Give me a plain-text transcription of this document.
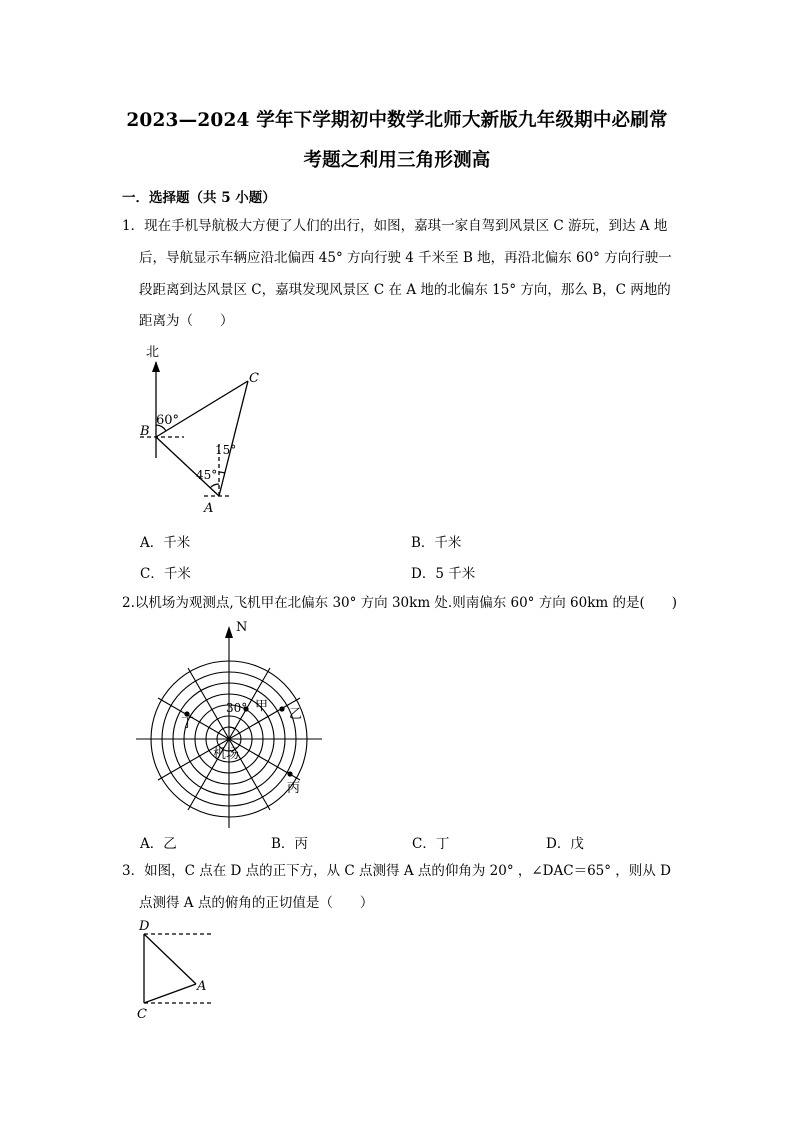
2023—2024 学年下学期初中数学北师大新版九年级期中必刷常
考题之利用三角形测高
一．选择题（共 5 小题）
1．现在手机导航极大方便了人们的出行，如图，嘉琪一家自驾到风景区 C 游玩，到达 A 地
后，导航显示车辆应沿北偏西 45° 方向行驶 4 千米至 B 地，再沿北偏东 60° 方向行驶一
段距离到达风景区 C，嘉琪发现风景区 C 在 A 地的北偏东 15° 方向，那么 B，C 两地的
距离为（　　）
北
C
B
60°
15°
45°
A
A．千米	B．千米
C．千米	D．5 千米
2.以机场为观测点,飞机甲在北偏东 30° 方向 30km 处.则南偏东 60° 方向 60km 的是(　　)
N
30° 甲
乙
丁
机场
丙
A．乙	B．丙	C．丁	D．戊
3．如图，C 点在 D 点的正下方，从 C 点测得 A 点的仰角为 20° ，∠DAC＝65° ，则从 D
点测得 A 点的俯角的正切值是（　　）
D
A
C
